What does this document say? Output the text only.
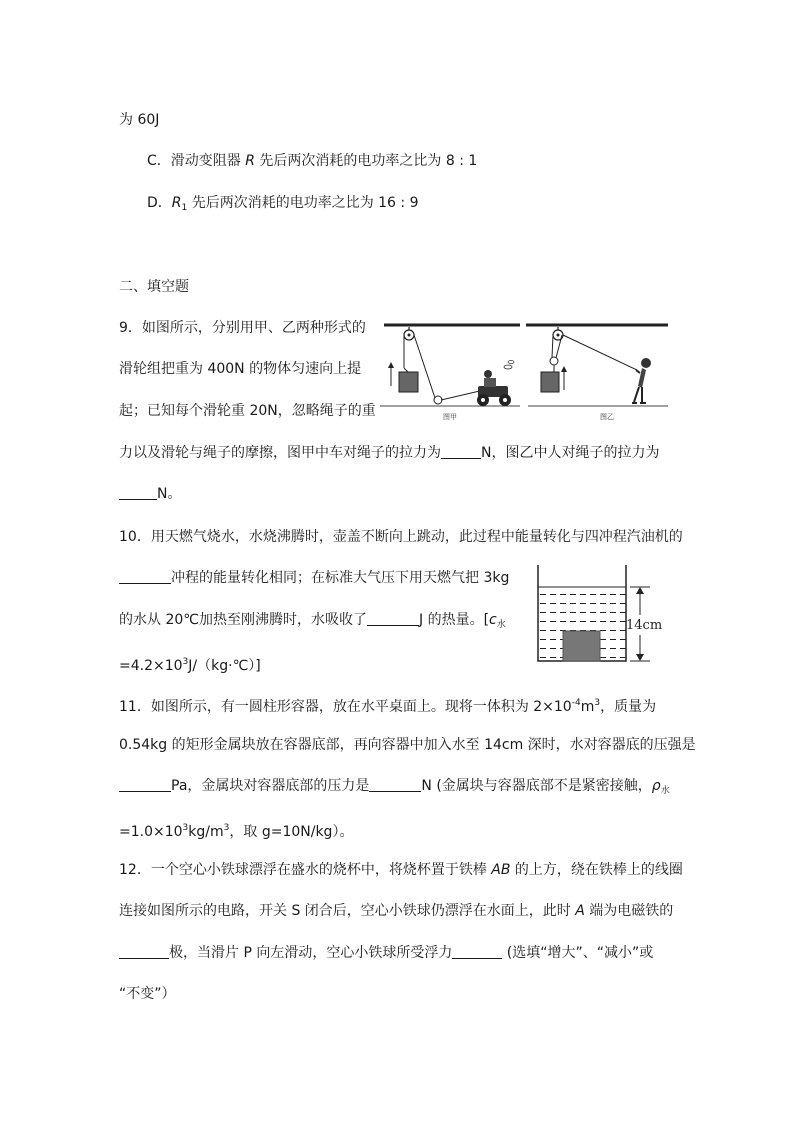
为 60J
C．滑动变阻器 R 先后两次消耗的电功率之比为 8 : 1
D．$R_1$ 先后两次消耗的电功率之比为 16 : 9
二、填空题
9．如图所示，分别用甲、乙两种形式的
滑轮组把重为 400N 的物体匀速向上提
起；已知每个滑轮重 20N，忽略绳子的重
力以及滑轮与绳子的摩擦，图甲中车对绳子的拉力为	N，图乙中人对绳子的拉力为
N。
图甲	图乙
10．用天燃气烧水，水烧沸腾时，壶盖不断向上跳动，此过程中能量转化与四冲程汽油机的
冲程的能量转化相同；在标准大气压下用天燃气把 3kg
的水从 20℃加热至刚沸腾时，水吸收了	J 的热量。[$c_水$
$=4.2\times 10^3J/(kg\cdot℃)$]
14cm
11．如图所示，有一圆柱形容器，放在水平桌面上。现将一体积为 $2\times 10^{-4}m^3$，质量为
0.54kg 的矩形金属块放在容器底部，再向容器中加入水至 14cm 深时，水对容器底的压强是
Pa，金属块对容器底部的压力是	N (金属块与容器底部不是紧密接触，$\rho_水$
$=1.0\times 10^3kg/m^3$，取 g=10N/kg）。
12．一个空心小铁球漂浮在盛水的烧杯中，将烧杯置于铁棒 AB 的上方，绕在铁棒上的线圈
连接如图所示的电路，开关 S 闭合后，空心小铁球仍漂浮在水面上，此时 A 端为电磁铁的
极，当滑片 P 向左滑动，空心小铁球所受浮力	(选填“增大”、“减小”或
“不变”）
